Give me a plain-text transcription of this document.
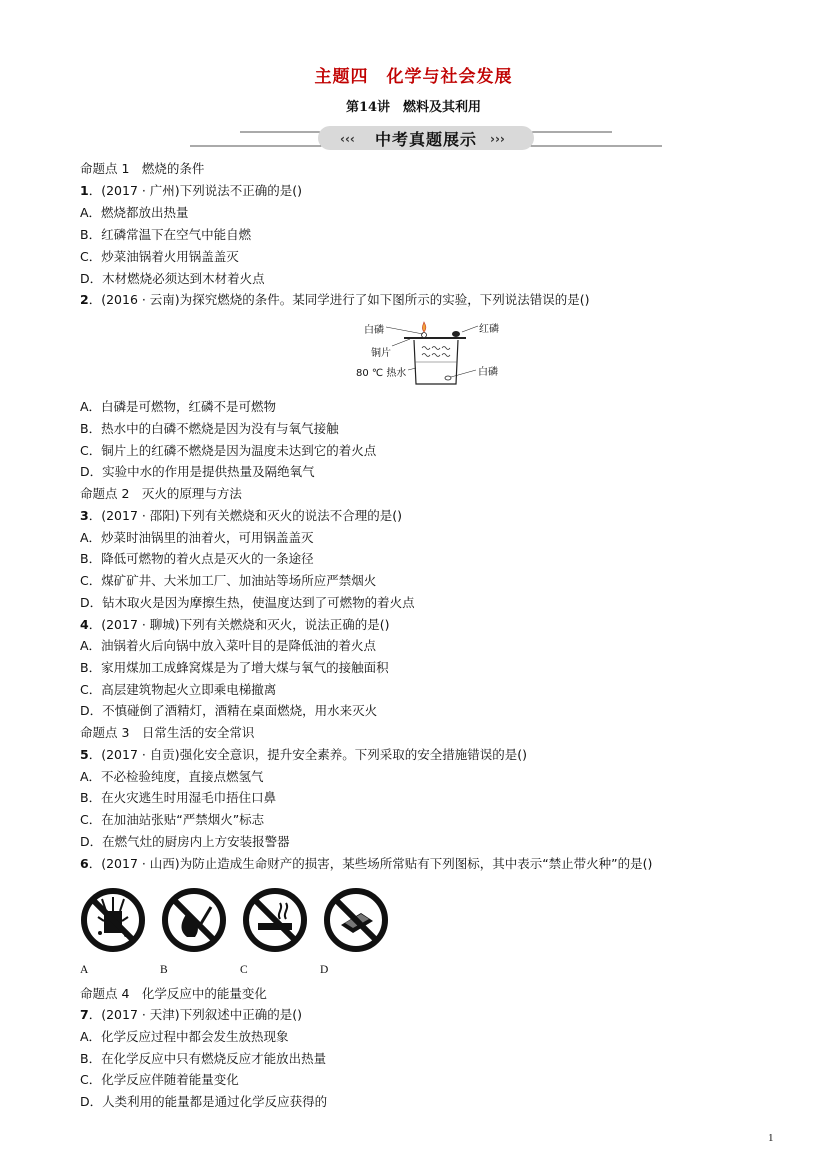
主题四　化学与社会发展
第14讲　燃料及其利用
‹‹‹	›››
中考真题展示
命题点 1　燃烧的条件
1．(2017 · 广州)下列说法不正确的是()
A．燃烧都放出热量
B．红磷常温下在空气中能自燃
C．炒菜油锅着火用锅盖盖灭
D．木材燃烧必须达到木材着火点
2．(2016 · 云南)为探究燃烧的条件。某同学进行了如下图所示的实验，下列说法错误的是()
白磷	红磷
铜片
80 ℃ 热水	白磷
A．白磷是可燃物，红磷不是可燃物
B．热水中的白磷不燃烧是因为没有与氧气接触
C．铜片上的红磷不燃烧是因为温度未达到它的着火点
D．实验中水的作用是提供热量及隔绝氧气
命题点 2　灭火的原理与方法
3．(2017 · 邵阳)下列有关燃烧和灭火的说法不合理的是()
A．炒菜时油锅里的油着火，可用锅盖盖灭
B．降低可燃物的着火点是灭火的一条途径
C．煤矿矿井、大米加工厂、加油站等场所应严禁烟火
D．钻木取火是因为摩擦生热，使温度达到了可燃物的着火点
4．(2017 · 聊城)下列有关燃烧和灭火，说法正确的是()
A．油锅着火后向锅中放入菜叶目的是降低油的着火点
B．家用煤加工成蜂窝煤是为了增大煤与氧气的接触面积
C．高层建筑物起火立即乘电梯撤离
D．不慎碰倒了酒精灯，酒精在桌面燃烧，用水来灭火
命题点 3　日常生活的安全常识
5．(2017 · 自贡)强化安全意识，提升安全素养。下列采取的安全措施错误的是()
A．不必检验纯度，直接点燃氢气
B．在火灾逃生时用湿毛巾捂住口鼻
C．在加油站张贴“严禁烟火”标志
D．在燃气灶的厨房内上方安装报警器
6．(2017 · 山西)为防止造成生命财产的损害，某些场所常贴有下列图标，其中表示“禁止带火种”的是()
A	B	C	D
命题点 4　化学反应中的能量变化
7．(2017 · 天津)下列叙述中正确的是()
A．化学反应过程中都会发生放热现象
B．在化学反应中只有燃烧反应才能放出热量
C．化学反应伴随着能量变化
D．人类利用的能量都是通过化学反应获得的
1
